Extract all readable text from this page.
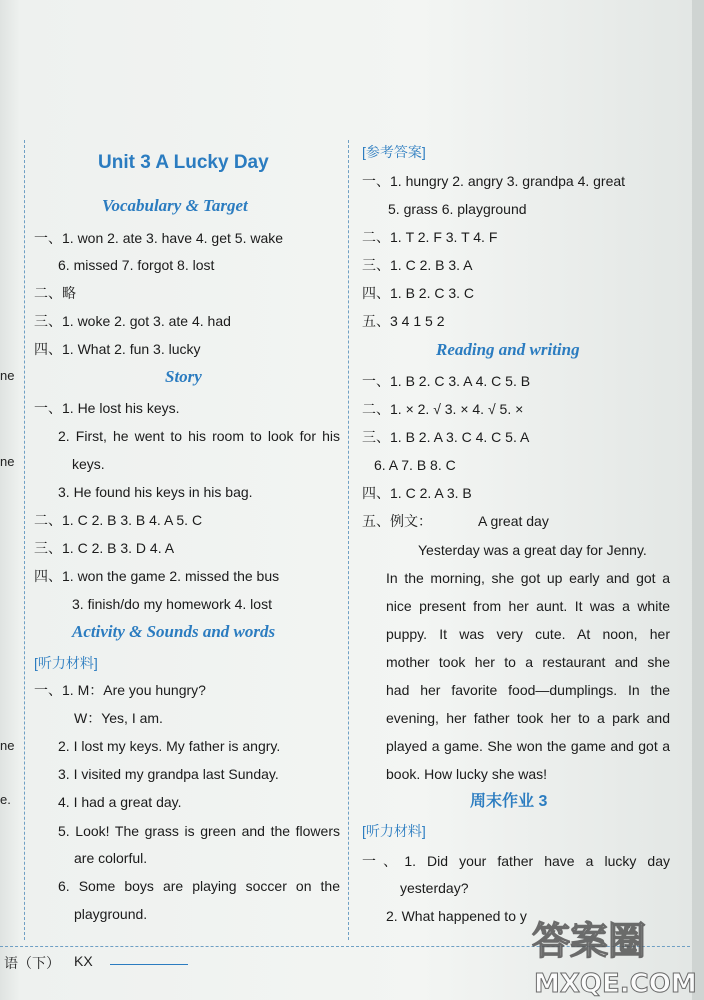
ne
ne
ne
e.
Unit 3 A Lucky Day
Vocabulary & Target
一、1. won 2. ate 3. have 4. get 5. wake
6. missed 7. forgot 8. lost
二、略
三、1. woke 2. got 3. ate 4. had
四、1. What 2. fun 3. lucky
Story
一、1. He lost his keys.
2. First, he went to his room to look for his
keys.
3. He found his keys in his bag.
二、1. C 2. B 3. B 4. A 5. C
三、1. C 2. B 3. D 4. A
四、1. won the game 2. missed the bus
3. finish/do my homework 4. lost
Activity & Sounds and words
[听力材料]
一、1. M：Are you hungry?
W：Yes, I am.
2. I lost my keys. My father is angry.
3. I visited my grandpa last Sunday.
4. I had a great day.
5. Look! The grass is green and the flowers
are colorful.
6. Some boys are playing soccer on the
playground.
[参考答案]
一、1. hungry 2. angry 3. grandpa 4. great
5. grass 6. playground
二、1. T 2. F 3. T 4. F
三、1. C 2. B 3. A
四、1. B 2. C 3. C
五、3 4 1 5 2
Reading and writing
一、1. B 2. C 3. A 4. C 5. B
二、1. × 2. √ 3. × 4. √ 5. ×
三、1. B 2. A 3. C 4. C 5. A
6. A 7. B 8. C
四、1. C 2. A 3. B
五、例文：	A great day
Yesterday was a great day for Jenny.
In the morning, she got up early and got a
nice present from her aunt. It was a white
puppy. It was very cute. At noon, her
mother took her to a restaurant and she
had her favorite food—dumplings. In the
evening, her father took her to a park and
played a game. She won the game and got a
book. How lucky she was!
周末作业 3
[听力材料]
一、1. Did your father have a lucky day
yesterday?
2. What happened to y
语（下） KX	答案圈
MXQE.COM
